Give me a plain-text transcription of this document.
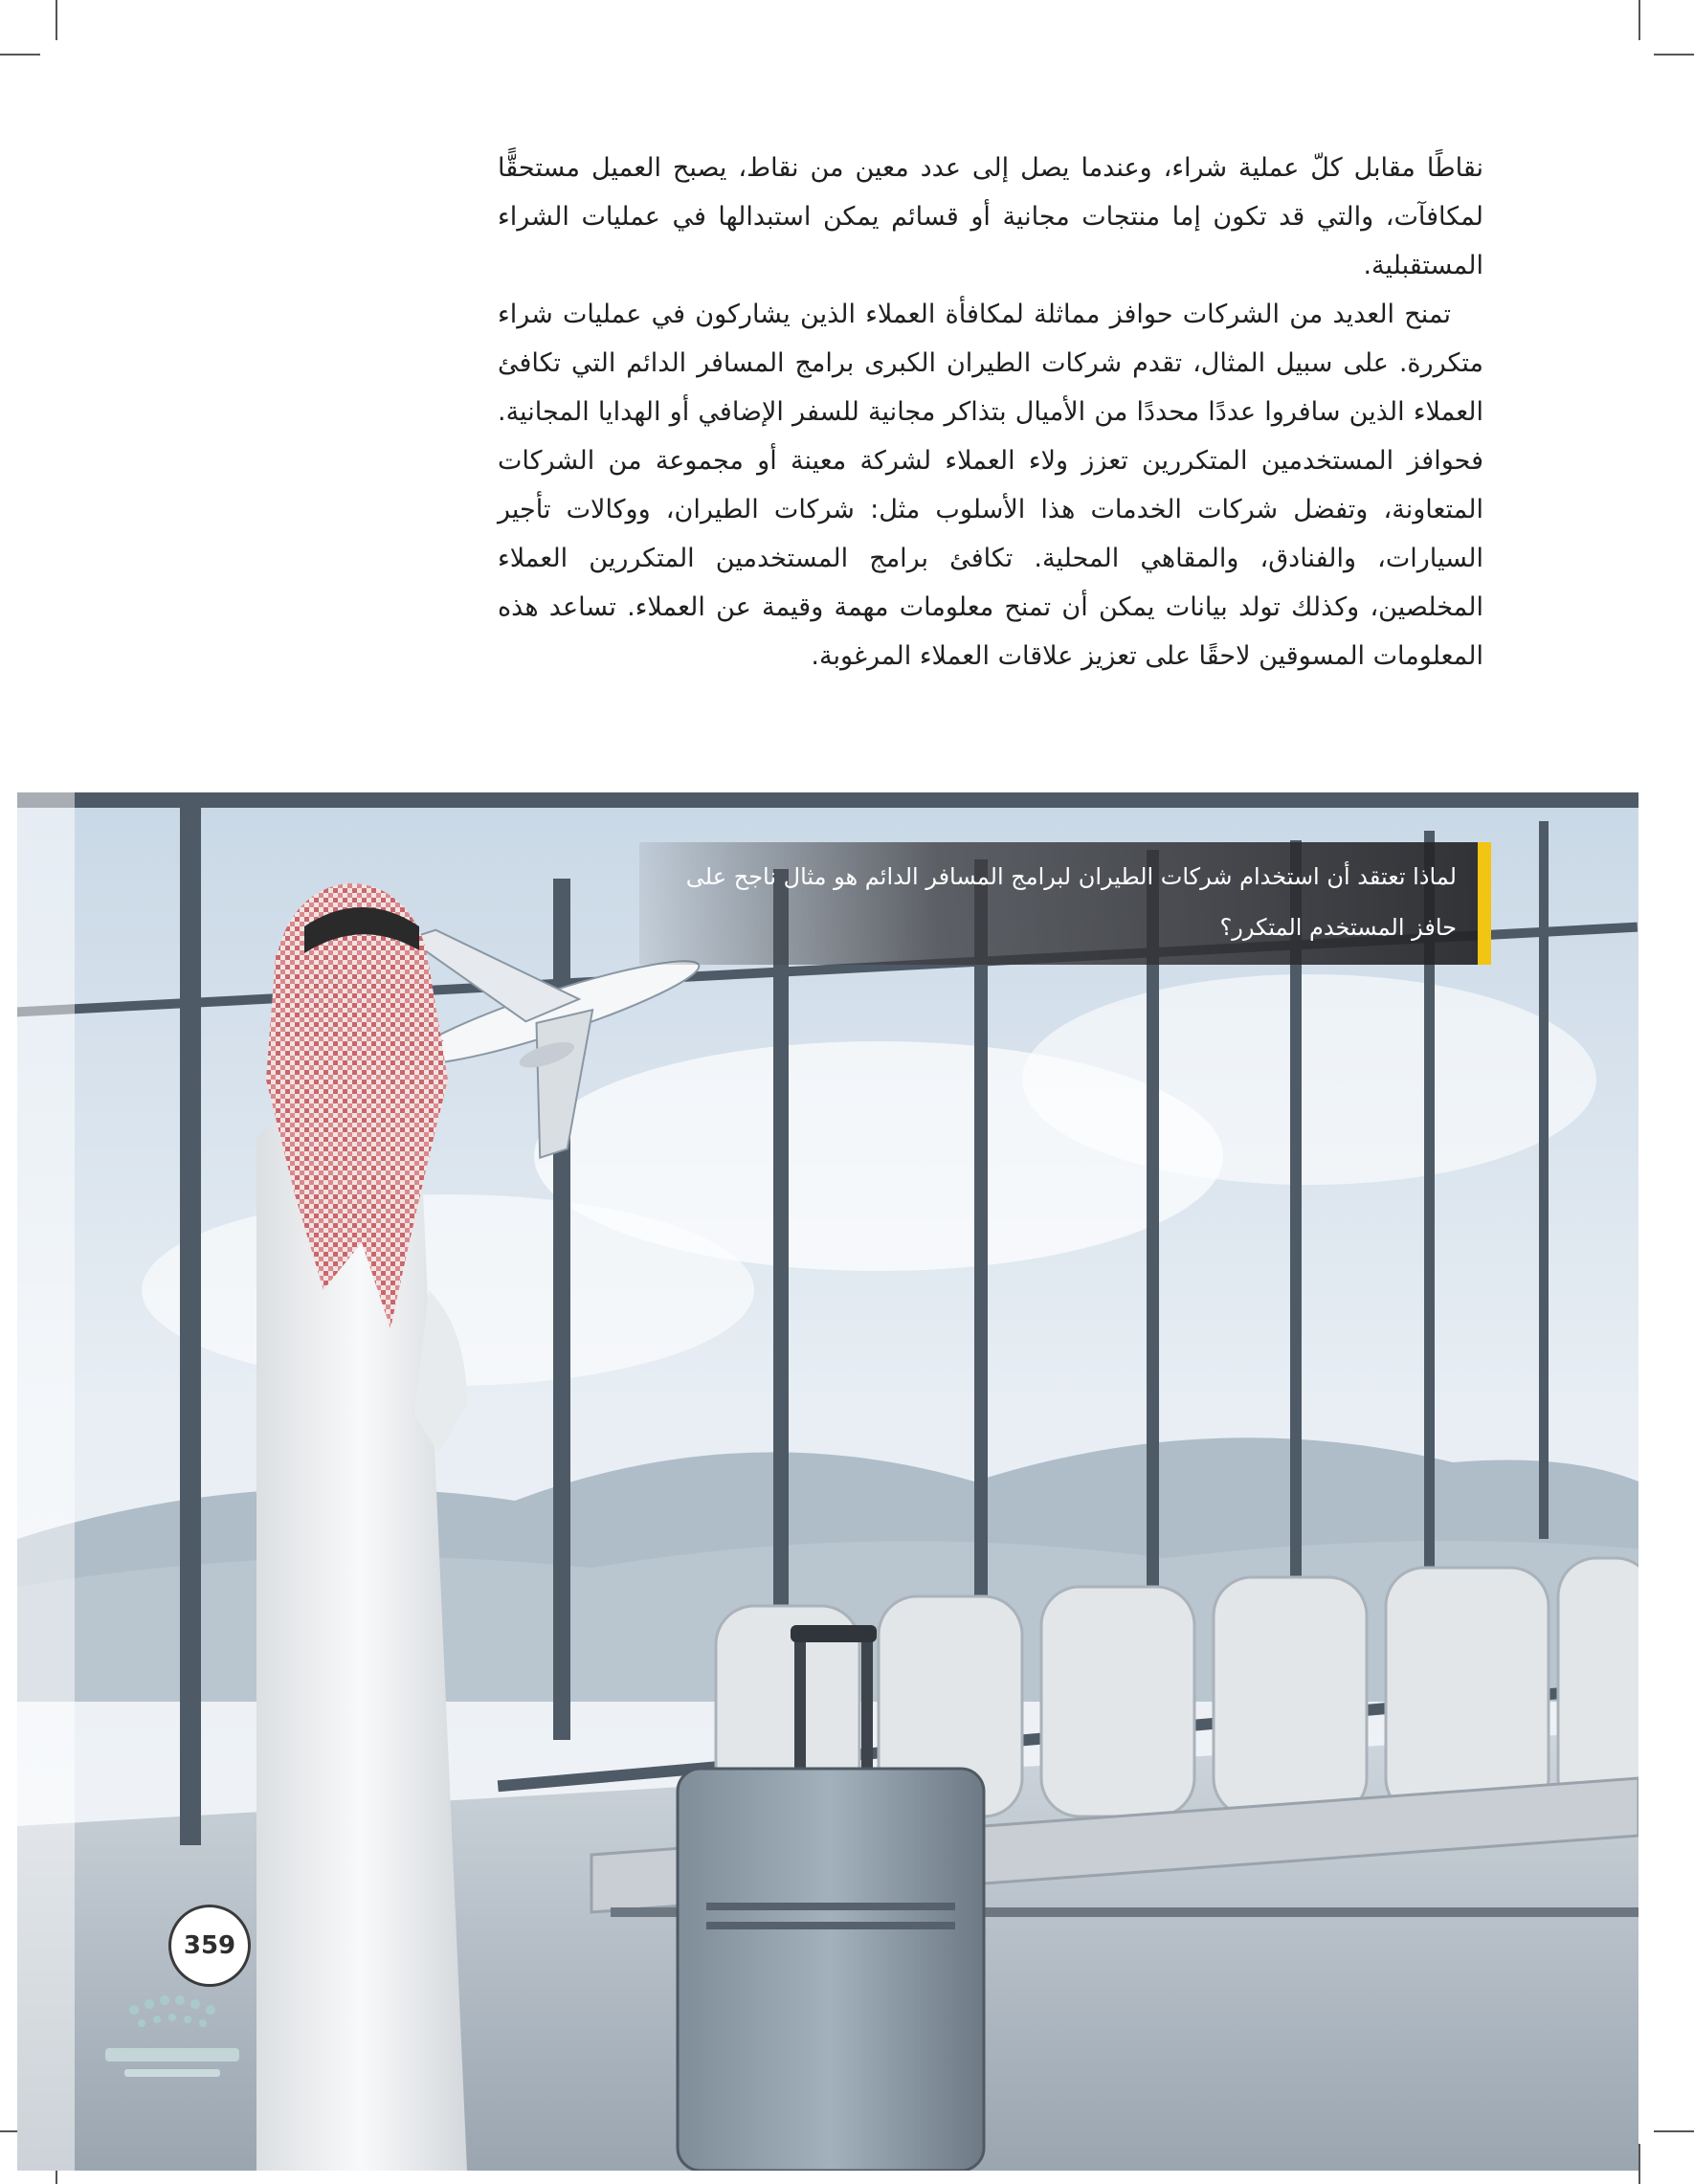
نقاطًا مقابل كلّ عملية شراء، وعندما يصل إلى عدد معين من نقاط، يصبح العميل مستحقًّا لمكافآت، والتي قد تكون إما منتجات مجانية أو قسائم يمكن استبدالها في عمليات الشراء المستقبلية.

تمنح العديد من الشركات حوافز مماثلة لمكافأة العملاء الذين يشاركون في عمليات شراء متكررة. على سبيل المثال، تقدم شركات الطيران الكبرى برامج المسافر الدائم التي تكافئ العملاء الذين سافروا عددًا محددًا من الأميال بتذاكر مجانية للسفر الإضافي أو الهدايا المجانية. فحوافز المستخدمين المتكررين تعزز ولاء العملاء لشركة معينة أو مجموعة من الشركات المتعاونة، وتفضل شركات الخدمات هذا الأسلوب مثل: شركات الطيران، ووكالات تأجير السيارات، والفنادق، والمقاهي المحلية. تكافئ برامج المستخدمين المتكررين العملاء المخلصين، وكذلك تولد بيانات يمكن أن تمنح معلومات مهمة وقيمة عن العملاء. تساعد هذه المعلومات المسوقين لاحقًا على تعزيز علاقات العملاء المرغوبة.

لماذا تعتقد أن استخدام شركات الطيران لبرامج المسافر الدائم هو مثال ناجح على حافز المستخدم المتكرر؟
359
